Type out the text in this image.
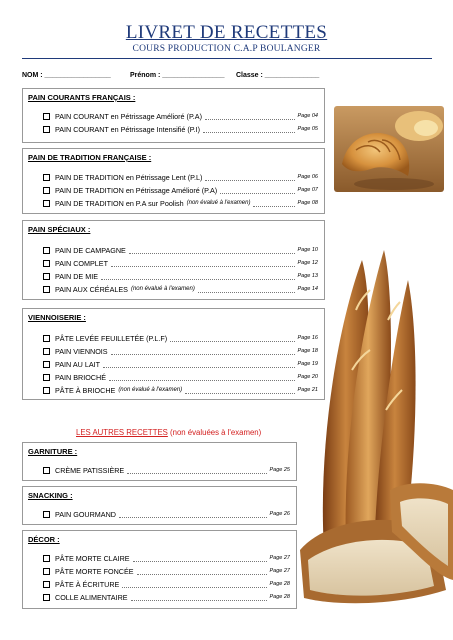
LIVRET DE RECETTES
COURS PRODUCTION C.A.P BOULANGER
NOM : _________________	Prénom : ________________ Classe : ______________
PAIN COURANTS FRANÇAIS :
PAIN COURANT en Pétrissage Amélioré (P.A)	Page 04
PAIN COURANT en Pétrissage Intensifié (P.I)	Page 05
PAIN DE TRADITION FRANÇAISE :
PAIN DE TRADITION en Pétrissage Lent (P.L)	Page 06
PAIN DE TRADITION en Pétrissage Amélioré (P.A)	Page 07
PAIN DE TRADITION en P.A sur Poolish (non évalué à l'examen)	Page 08
PAIN SPÉCIAUX :
PAIN DE CAMPAGNE	Page 10
PAIN COMPLET	Page 12
PAIN DE MIE	Page 13
PAIN AUX CÉRÉALES (non évalué à l'examen)	Page 14
VIENNOISERIE :
PÂTE LEVÉE FEUILLETÉE (P.L.F)	Page 16
PAIN VIENNOIS	Page 18
PAIN AU LAIT	Page 19
PAIN BRIOCHÉ	Page 20
PÂTE À BRIOCHE (non évalué à l'examen)	Page 21
LES AUTRES RECETTES (non évaluées à l'examen)
GARNITURE :
CRÈME PATISSIÈRE	Page 25
SNACKING :
PAIN GOURMAND	Page 26
DÉCOR :
PÂTE MORTE CLAIRE	Page 27
PÂTE MORTE FONCÉE	Page 27
PÂTE À ÉCRITURE	Page 28
COLLE ALIMENTAIRE	Page 28
